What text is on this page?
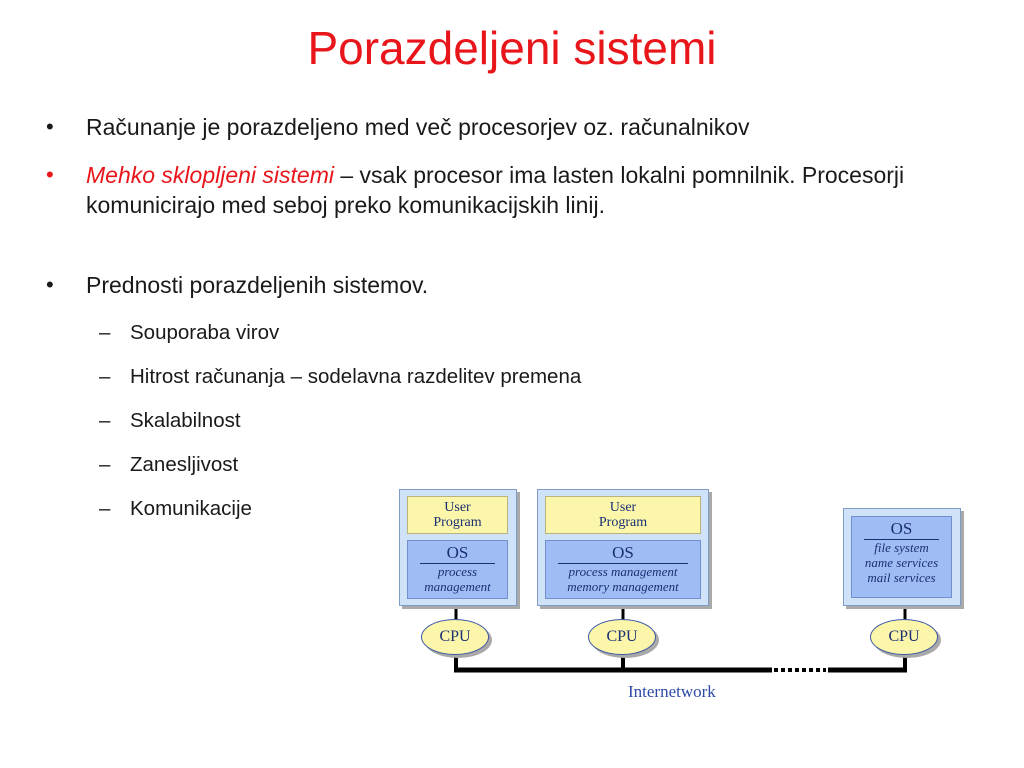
Porazdeljeni sistemi
• Računanje je porazdeljeno med več procesorjev oz. računalnikov
• Mehko sklopljeni sistemi – vsak procesor ima lasten lokalni pomnilnik. Procesorji komunicirajo med seboj preko komunikacijskih linij.
• Prednosti porazdeljenih sistemov.
– Souporaba virov
– Hitrost računanja – sodelavna razdelitev premena
– Skalabilnost
– Zanesljivost
– Komunikacije	User
Program
OS
process
management
CPU
User
Program
OS
process management
memory management
CPU
OS
file system
name services
mail services
CPU
Internetwork
